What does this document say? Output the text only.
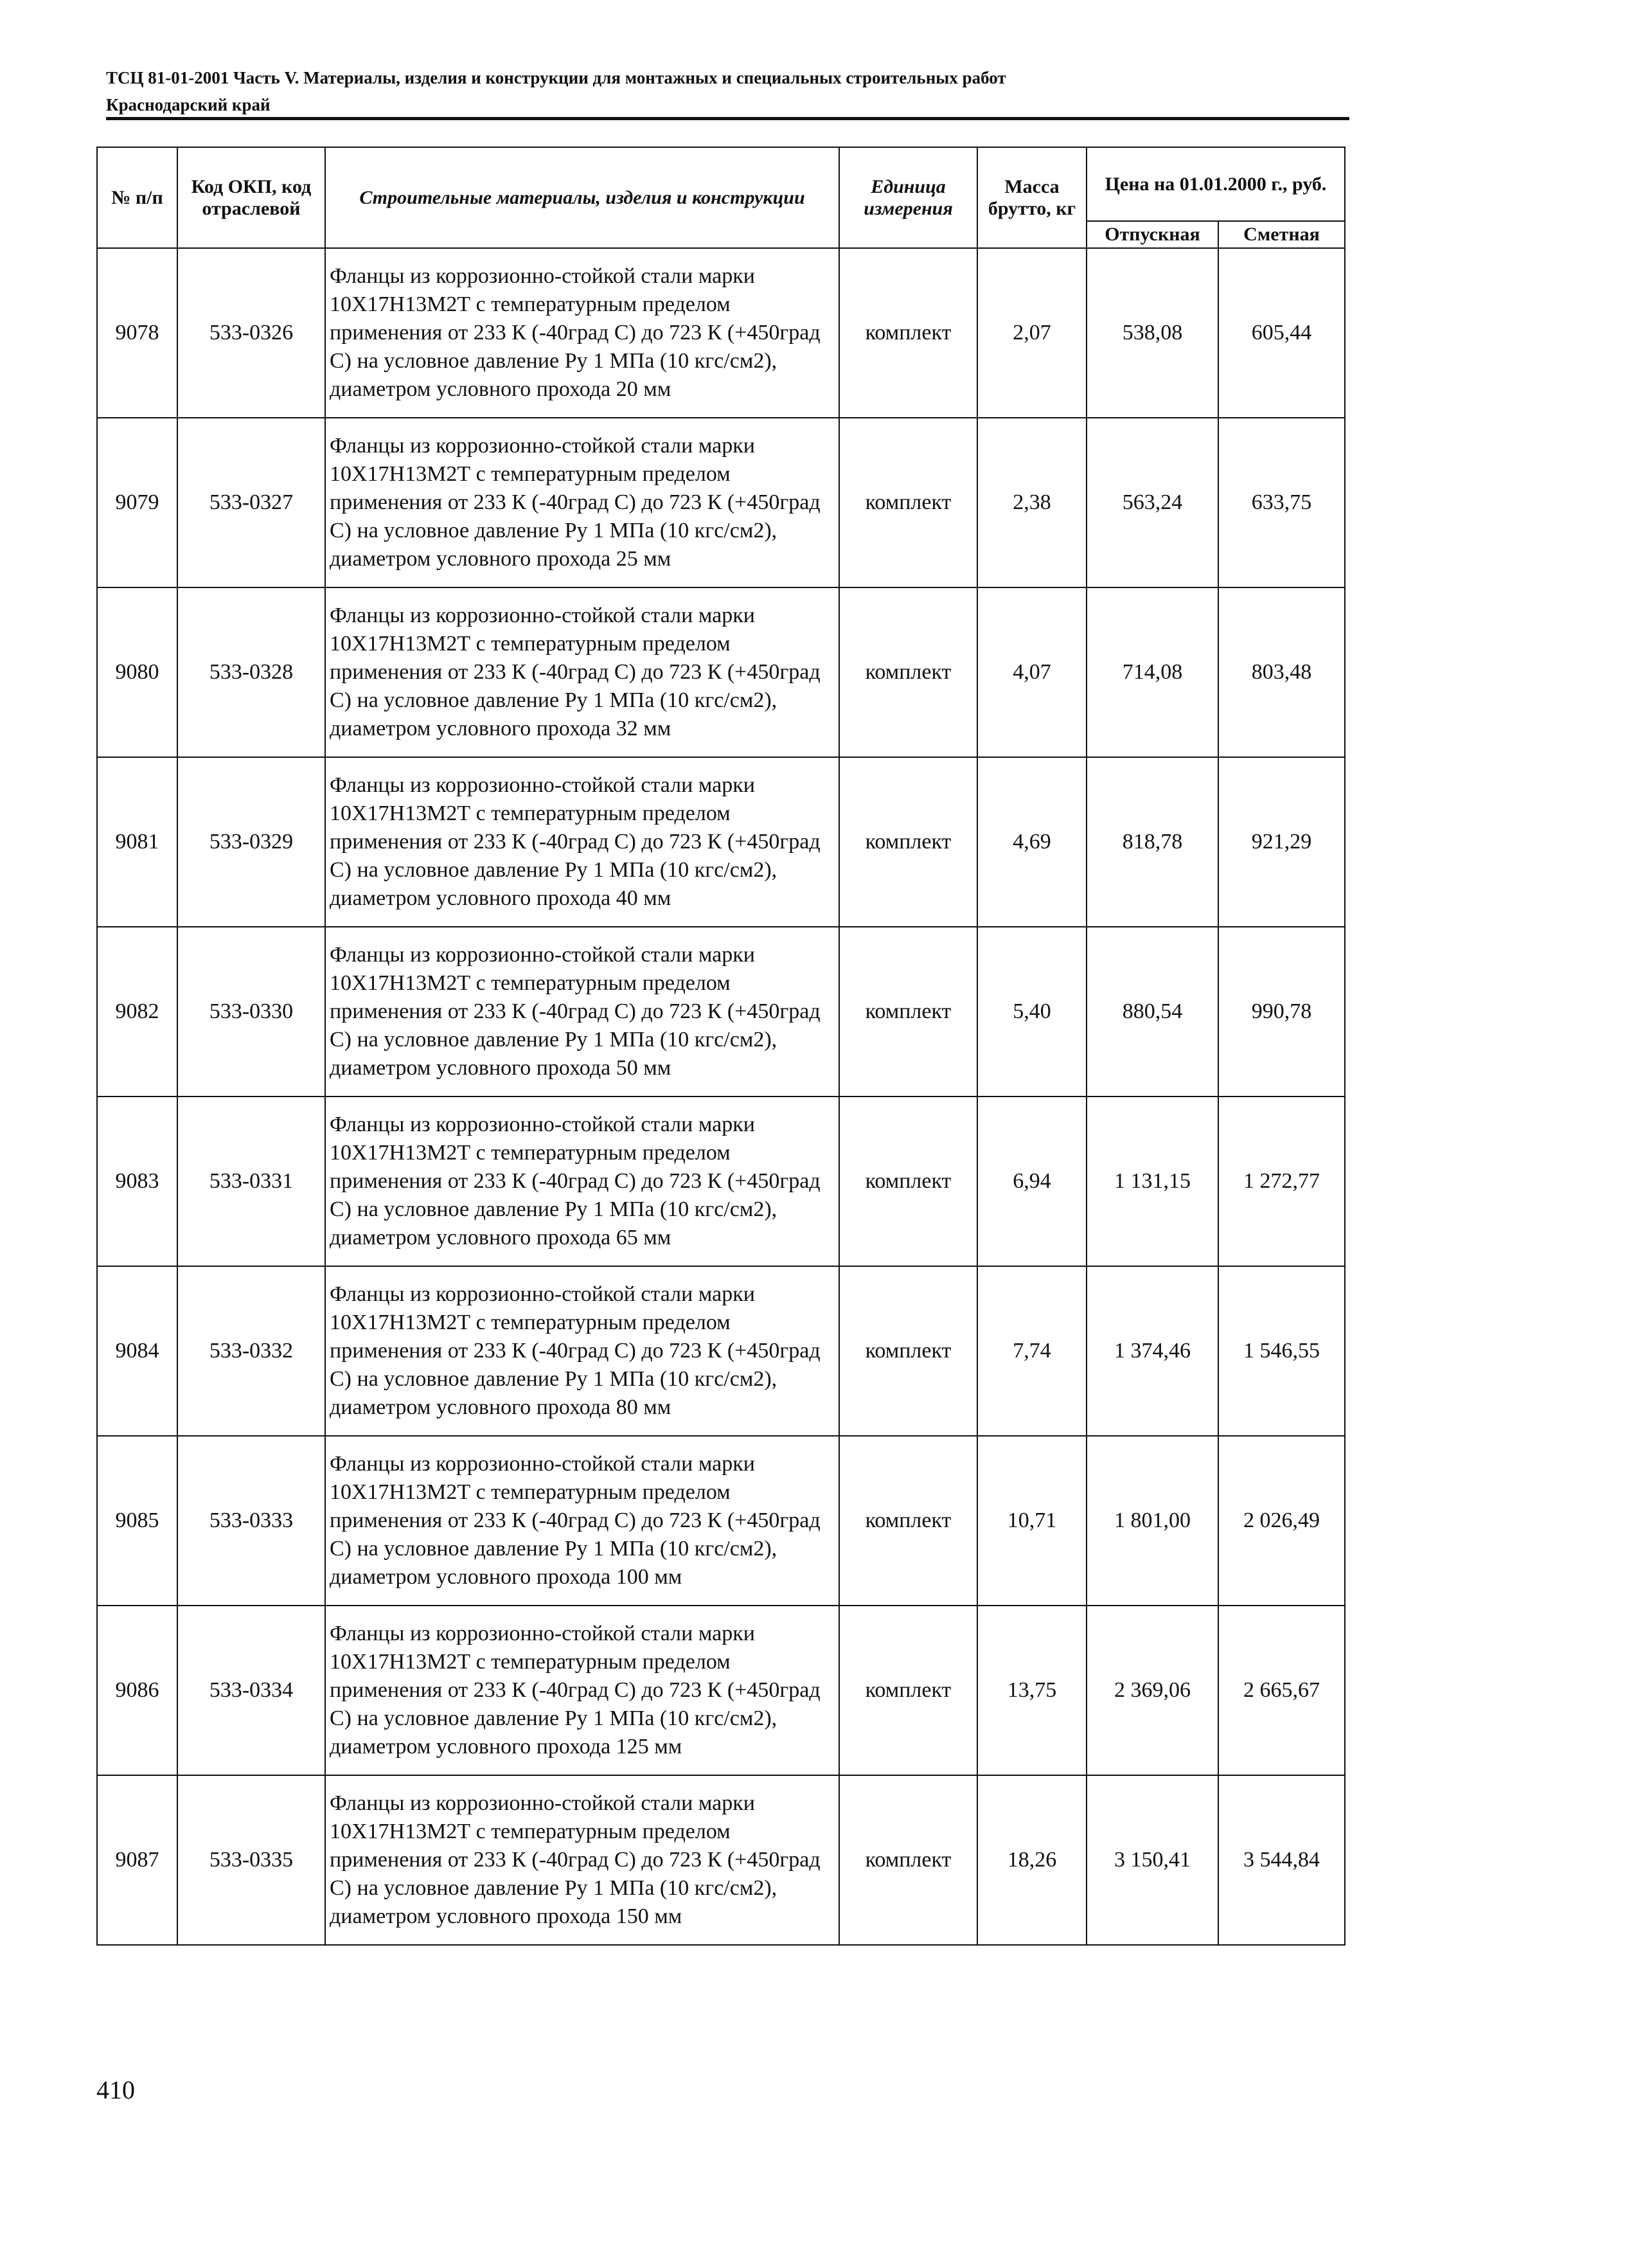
ТСЦ 81-01-2001 Часть V. Материалы, изделия и конструкции для монтажных и специальных строительных работ
Краснодарский край
№ п/п	Код ОКП, код отраслевой	Строительные материалы, изделия и конструкции	Единица измерения	Масса брутто, кг	Цена на 01.01.2000 г., руб.	
					Отпускная	Сметная
9078	533-0326	Фланцы из коррозионно-стойкой стали марки 10Х17Н13М2Т с температурным пределом применения от 233 К (-40град С) до 723 К (+450град С) на условное давление Ру 1 МПа (10 кгс/см2), диаметром условного прохода 20 мм	комплект	2,07	538,08	605,44
9079	533-0327	Фланцы из коррозионно-стойкой стали марки 10Х17Н13М2Т с температурным пределом применения от 233 К (-40град С) до 723 К (+450град С) на условное давление Ру 1 МПа (10 кгс/см2), диаметром условного прохода 25 мм	комплект	2,38	563,24	633,75
9080	533-0328	Фланцы из коррозионно-стойкой стали марки 10Х17Н13М2Т с температурным пределом применения от 233 К (-40град С) до 723 К (+450град С) на условное давление Ру 1 МПа (10 кгс/см2), диаметром условного прохода 32 мм	комплект	4,07	714,08	803,48
9081	533-0329	Фланцы из коррозионно-стойкой стали марки 10Х17Н13М2Т с температурным пределом применения от 233 К (-40град С) до 723 К (+450град С) на условное давление Ру 1 МПа (10 кгс/см2), диаметром условного прохода 40 мм	комплект	4,69	818,78	921,29
9082	533-0330	Фланцы из коррозионно-стойкой стали марки 10Х17Н13М2Т с температурным пределом применения от 233 К (-40град С) до 723 К (+450град С) на условное давление Ру 1 МПа (10 кгс/см2), диаметром условного прохода 50 мм	комплект	5,40	880,54	990,78
9083	533-0331	Фланцы из коррозионно-стойкой стали марки 10Х17Н13М2Т с температурным пределом применения от 233 К (-40град С) до 723 К (+450град С) на условное давление Ру 1 МПа (10 кгс/см2), диаметром условного прохода 65 мм	комплект	6,94	1 131,15	1 272,77
9084	533-0332	Фланцы из коррозионно-стойкой стали марки 10Х17Н13М2Т с температурным пределом применения от 233 К (-40град С) до 723 К (+450град С) на условное давление Ру 1 МПа (10 кгс/см2), диаметром условного прохода 80 мм	комплект	7,74	1 374,46	1 546,55
9085	533-0333	Фланцы из коррозионно-стойкой стали марки 10Х17Н13М2Т с температурным пределом применения от 233 К (-40град С) до 723 К (+450град С) на условное давление Ру 1 МПа (10 кгс/см2), диаметром условного прохода 100 мм	комплект	10,71	1 801,00	2 026,49
9086	533-0334	Фланцы из коррозионно-стойкой стали марки 10Х17Н13М2Т с температурным пределом применения от 233 К (-40град С) до 723 К (+450град С) на условное давление Ру 1 МПа (10 кгс/см2), диаметром условного прохода 125 мм	комплект	13,75	2 369,06	2 665,67
9087	533-0335	Фланцы из коррозионно-стойкой стали марки 10Х17Н13М2Т с температурным пределом применения от 233 К (-40град С) до 723 К (+450град С) на условное давление Ру 1 МПа (10 кгс/см2), диаметром условного прохода 150 мм	комплект	18,26	3 150,41	3 544,84
410
